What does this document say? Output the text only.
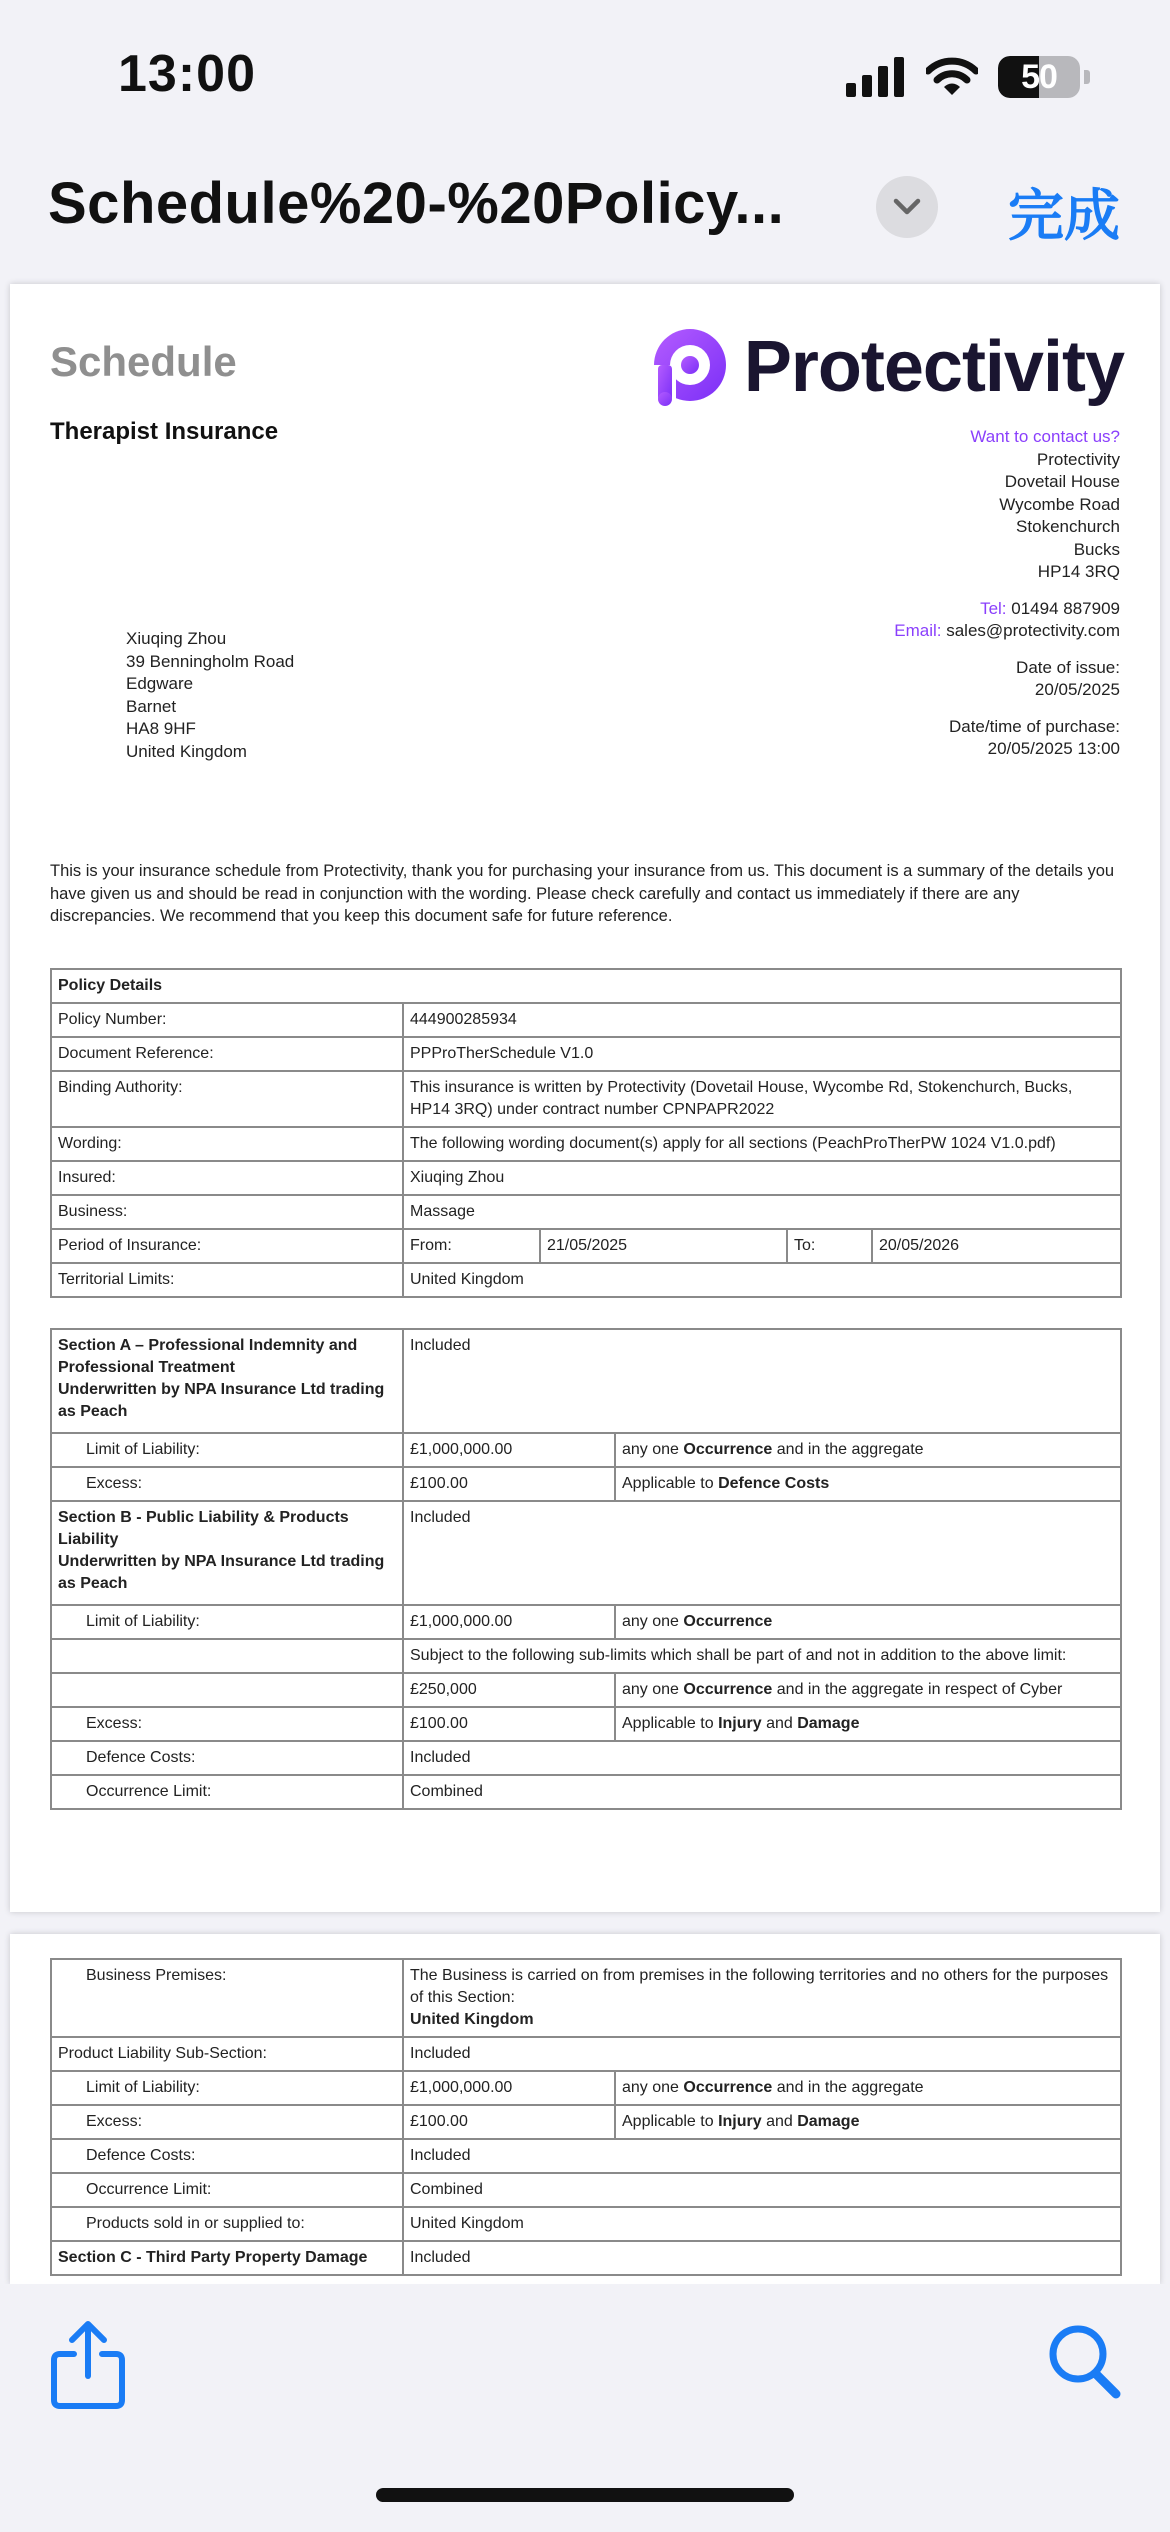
13:00	50
Schedule%20-%20Policy...	完成
Schedule
Therapist Insurance
Protectivity
Want to contact us?
Protectivity
Dovetail House
Wycombe Road
Stokenchurch
Bucks
HP14 3RQ
Tel: 01494 887909
Email: sales@protectivity.com
Date of issue:
20/05/2025
Date/time of purchase:
20/05/2025 13:00
Xiuqing Zhou
39 Benningholm Road
Edgware
Barnet
HA8 9HF
United Kingdom
This is your insurance schedule from Protectivity, thank you for purchasing your insurance from us. This document is a summary of the details you have given us and should be read in conjunction with the wording. Please check carefully and contact us immediately if there are any discrepancies. We recommend that you keep this document safe for future reference.
Policy Details				
Policy Number:	444900285934			
Document Reference:	PPProTherSchedule V1.0			
Binding Authority:	This insurance is written by Protectivity (Dovetail House, Wycombe Rd, Stokenchurch, Bucks, HP14 3RQ) under contract number CPNPAPR2022			
Wording:	The following wording document(s) apply for all sections (PeachProTherPW 1024 V1.0.pdf)			
Insured:	Xiuqing Zhou			
Business:	Massage			
Period of Insurance:	From:	21/05/2025	To:	20/05/2026
Territorial Limits:	United Kingdom			
Section A – Professional Indemnity and Professional Treatment
Underwritten by NPA Insurance Ltd trading as Peach	Included	
Limit of Liability:	£1,000,000.00	any one Occurrence and in the aggregate
Excess:	£100.00	Applicable to Defence Costs
Section B - Public Liability & Products Liability
Underwritten by NPA Insurance Ltd trading as Peach	Included	
Limit of Liability:	£1,000,000.00	any one Occurrence
	Subject to the following sub-limits which shall be part of and not in addition to the above limit:	
	£250,000	any one Occurrence and in the aggregate in respect of Cyber
Excess:	£100.00	Applicable to Injury and Damage
Defence Costs:	Included	
Occurrence Limit:	Combined	
Business Premises:	The Business is carried on from premises in the following territories and no others for the purposes of this Section:
United Kingdom	
Product Liability Sub-Section:	Included	
Limit of Liability:	£1,000,000.00	any one Occurrence and in the aggregate
Excess:	£100.00	Applicable to Injury and Damage
Defence Costs:	Included	
Occurrence Limit:	Combined	
Products sold in or supplied to:	United Kingdom	
Section C - Third Party Property Damage	Included	
